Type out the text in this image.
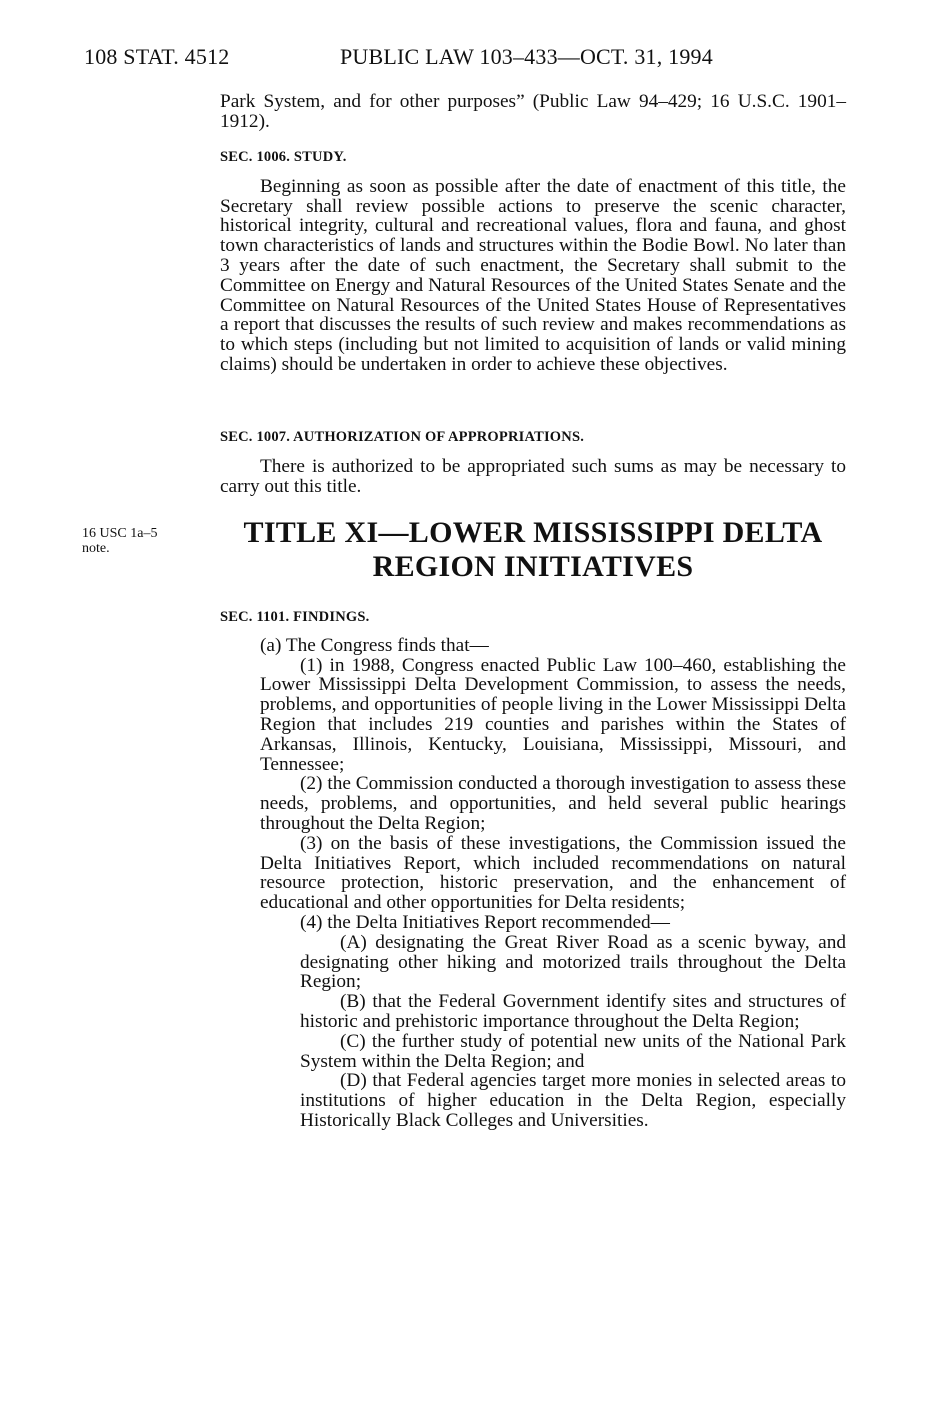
108 STAT. 4512	PUBLIC LAW 103–433—OCT. 31, 1994

Park System, and for other purposes” (Public Law 94–429; 16 U.S.C. 1901–1912).

SEC. 1006. STUDY.

Beginning as soon as possible after the date of enactment of this title, the Secretary shall review possible actions to preserve the scenic character, historical integrity, cultural and recreational values, flora and fauna, and ghost town characteristics of lands and structures within the Bodie Bowl. No later than 3 years after the date of such enactment, the Secretary shall submit to the Committee on Energy and Natural Resources of the United States Senate and the Committee on Natural Resources of the United States House of Representatives a report that discusses the results of such review and makes recommendations as to which steps (including but not limited to acquisition of lands or valid mining claims) should be undertaken in order to achieve these objectives.

SEC. 1007. AUTHORIZATION OF APPROPRIATIONS.

There is authorized to be appropriated such sums as may be necessary to carry out this title.

16 USC 1a–5
note.	TITLE XI—LOWER MISSISSIPPI DELTA
REGION INITIATIVES

SEC. 1101. FINDINGS.

(a) The Congress finds that—

(1) in 1988, Congress enacted Public Law 100–460, establishing the Lower Mississippi Delta Development Commission, to assess the needs, problems, and opportunities of people living in the Lower Mississippi Delta Region that includes 219 counties and parishes within the States of Arkansas, Illinois, Kentucky, Louisiana, Mississippi, Missouri, and Tennessee;

(2) the Commission conducted a thorough investigation to assess these needs, problems, and opportunities, and held several public hearings throughout the Delta Region;

(3) on the basis of these investigations, the Commission issued the Delta Initiatives Report, which included recommendations on natural resource protection, historic preservation, and the enhancement of educational and other opportunities for Delta residents;

(4) the Delta Initiatives Report recommended—

(A) designating the Great River Road as a scenic byway, and designating other hiking and motorized trails throughout the Delta Region;

(B) that the Federal Government identify sites and structures of historic and prehistoric importance throughout the Delta Region;

(C) the further study of potential new units of the National Park System within the Delta Region; and

(D) that Federal agencies target more monies in selected areas to institutions of higher education in the Delta Region, especially Historically Black Colleges and Universities.
